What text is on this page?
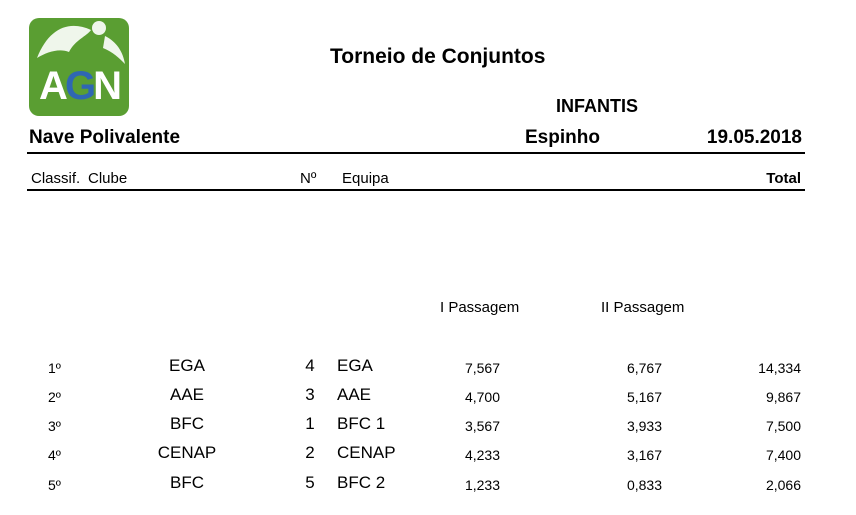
AGN
Torneio de Conjuntos
INFANTIS
Nave Polivalente	Espinho	19.05.2018
Classif. Clube	Nº Equipa	Total
I Passagem	II Passagem
1º	EGA	4	EGA	7,567	6,767	14,334
2º	AAE	3	AAE	4,700	5,167	9,867
3º	BFC	1	BFC 1	3,567	3,933	7,500
4º	CENAP	2	CENAP	4,233	3,167	7,400
5º	BFC	5	BFC 2	1,233	0,833	2,066
